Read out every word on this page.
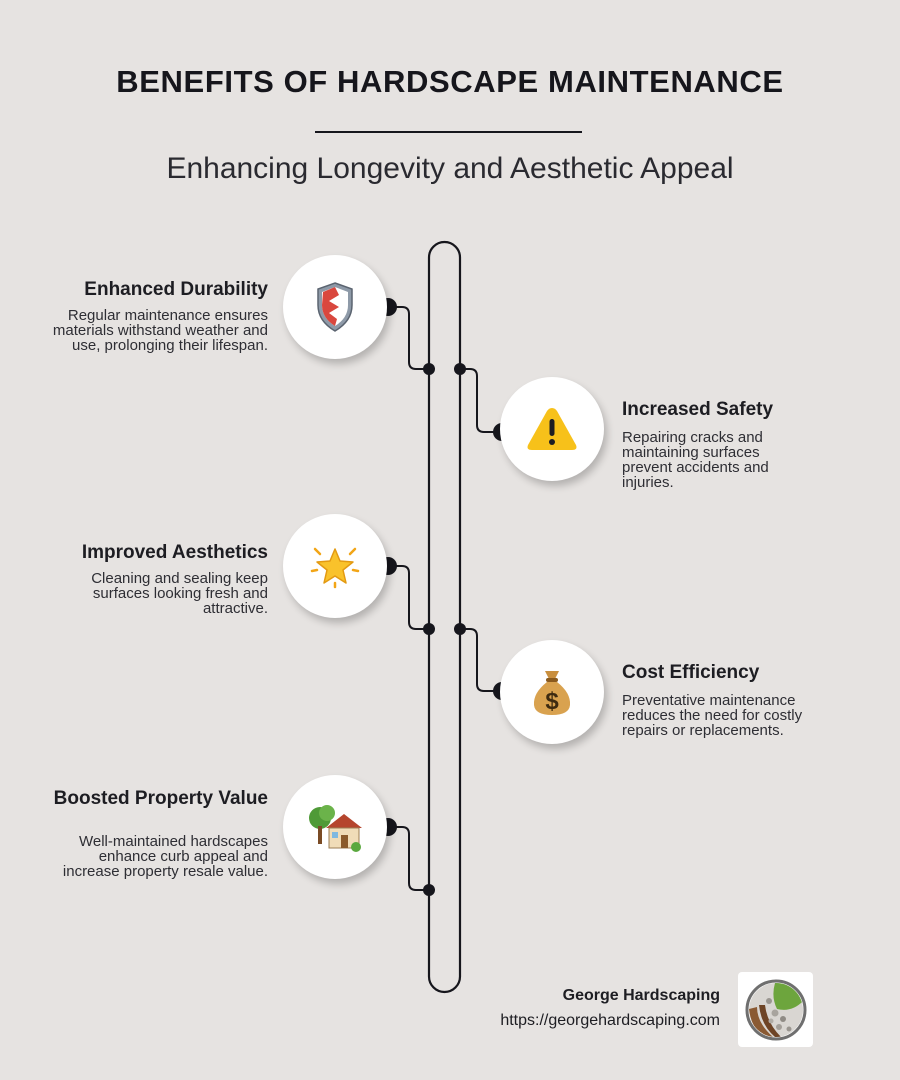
BENEFITS OF HARDSCAPE MAINTENANCE
Enhancing Longevity and Aesthetic Appeal
Enhanced Durability

Regular maintenance ensures materials withstand weather and use, prolonging their lifespan.

Increased Safety

Repairing cracks and maintaining surfaces prevent accidents and injuries.

Improved Aesthetics

Cleaning and sealing keep surfaces looking fresh and attractive.

$
Cost Efficiency

Preventative maintenance reduces the need for costly repairs or replacements.

Boosted Property Value

Well-maintained hardscapes enhance curb appeal and increase property resale value.

George Hardscaping
https://georgehardscaping.com
